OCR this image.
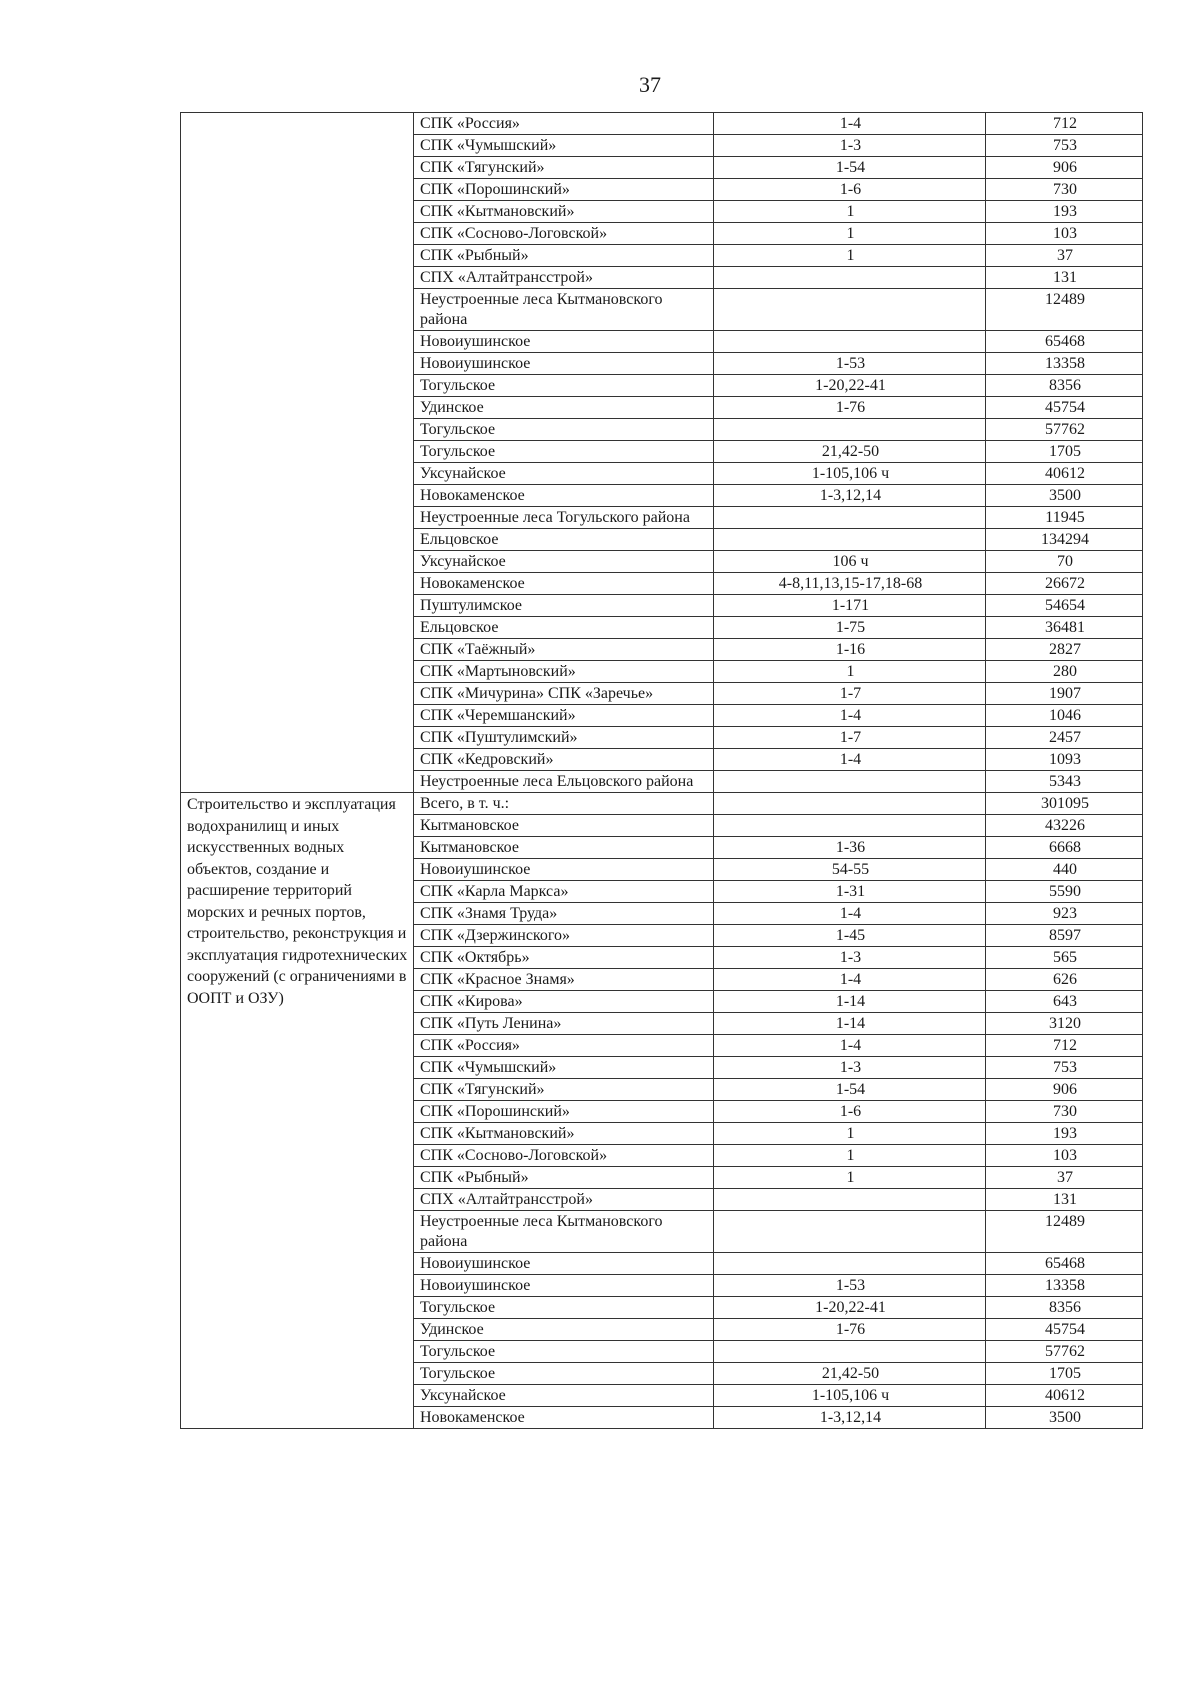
37
	СПК «Россия»	1-4	712
	СПК «Чумышский»	1-3	753
	СПК «Тягунский»	1-54	906
	СПК «Порошинский»	1-6	730
	СПК «Кытмановский»	1	193
	СПК «Сосново-Логовской»	1	103
	СПК «Рыбный»	1	37
	СПХ «Алтайтрансстрой»		131
	Неустроенные леса Кытмановского района		12489
	Новоиушинское		65468
	Новоиушинское	1-53	13358
	Тогульское	1-20,22-41	8356
	Удинское	1-76	45754
	Тогульское		57762
	Тогульское	21,42-50	1705
	Уксунайское	1-105,106 ч	40612
	Новокаменское	1-3,12,14	3500
	Неустроенные леса Тогульского района		11945
	Ельцовское		134294
	Уксунайское	106 ч	70
	Новокаменское	4-8,11,13,15-17,18-68	26672
	Пуштулимское	1-171	54654
	Ельцовское	1-75	36481
	СПК «Таёжный»	1-16	2827
	СПК «Мартыновский»	1	280
	СПК «Мичурина» СПК «Заречье»	1-7	1907
	СПК «Черемшанский»	1-4	1046
	СПК «Пуштулимский»	1-7	2457
	СПК «Кедровский»	1-4	1093
	Неустроенные леса Ельцовского района		5343
Строительство и эксплуатация водохранилищ и иных искусственных водных объектов, создание и расширение территорий морских и речных портов, строительство, реконструкция и эксплуатация гидротехнических сооружений (с ограничениями в ООПТ и ОЗУ)	Всего, в т. ч.:		301095
	Кытмановское		43226
	Кытмановское	1-36	6668
	Новоиушинское	54-55	440
	СПК «Карла Маркса»	1-31	5590
	СПК «Знамя Труда»	1-4	923
	СПК «Дзержинского»	1-45	8597
	СПК «Октябрь»	1-3	565
	СПК «Красное Знамя»	1-4	626
	СПК «Кирова»	1-14	643
	СПК «Путь Ленина»	1-14	3120
	СПК «Россия»	1-4	712
	СПК «Чумышский»	1-3	753
	СПК «Тягунский»	1-54	906
	СПК «Порошинский»	1-6	730
	СПК «Кытмановский»	1	193
	СПК «Сосново-Логовской»	1	103
	СПК «Рыбный»	1	37
	СПХ «Алтайтрансстрой»		131
	Неустроенные леса Кытмановского района		12489
	Новоиушинское		65468
	Новоиушинское	1-53	13358
	Тогульское	1-20,22-41	8356
	Удинское	1-76	45754
	Тогульское		57762
	Тогульское	21,42-50	1705
	Уксунайское	1-105,106 ч	40612
	Новокаменское	1-3,12,14	3500
